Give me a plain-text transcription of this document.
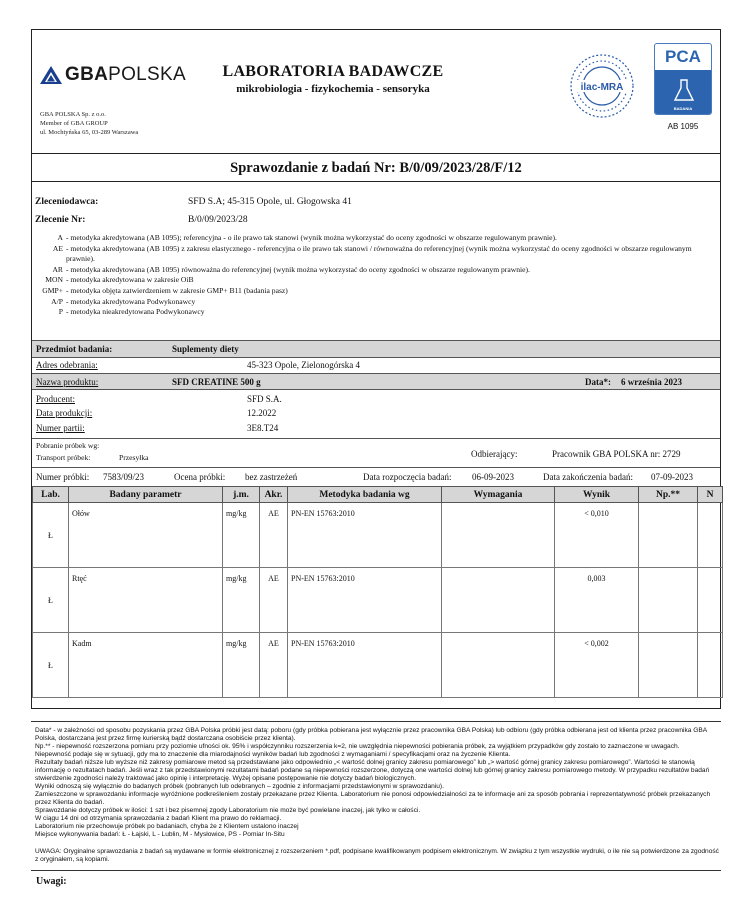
GBAPOLSKA
GBA POLSKA Sp. z o.o.
Member of GBA GROUP
ul. Mochtyńska 65, 03-289 Warszawa
LABORATORIA BADAWCZE
mikrobiologia - fizykochemia - sensoryka	ilac-MRA
PCA
BADANIA
AB 1095
Sprawozdanie z badań Nr: B/0/09/2023/28/F/12
Zleceniodawca:	SFD S.A; 45-315 Opole, ul. Głogowska 41
Zlecenie Nr:	B/0/09/2023/28
A - metodyka akredytowana (AB 1095); referencyjna - o ile prawo tak stanowi (wynik można wykorzystać do oceny zgodności w obszarze regulowanym prawnie).
AE - metodyka akredytowana (AB 1095) z zakresu elastycznego - referencyjna o ile prawo tak stanowi / równoważna do referencyjnej (wynik można wykorzystać do oceny zgodności w obszarze regulowanym prawnie).
AR - metodyka akredytowana (AB 1095) równoważna do referencyjnej (wynik można wykorzystać do oceny zgodności w obszarze regulowanym prawnie).
MON - metodyka akredytowana w zakresie OiB
GMP+ - metodyka objęta zatwierdzeniem w zakresie GMP+ B11 (badania pasz)
A/P - metodyka akredytowana Podwykonawcy
P - metodyka nieakredytowana Podwykonawcy
Przedmiot badania:	Suplementy diety
Adres odebrania:	45-323 Opole, Zielonogórska 4
Nazwa produktu:	SFD CREATINE 500 g	Data*: 6 września 2023
Producent:	SFD S.A.
Data produkcji:	12.2022
Numer partii:	3E8.T24
Pobranie próbek wg:
Transport próbek:	Przesyłka	Odbierający:	Pracownik GBA POLSKA nr: 2729
Numer próbki: 7583/09/23	Ocena próbki: bez zastrzeżeń	Data rozpoczęcia badań: 06-09-2023	Data zakończenia badań: 07-09-2023
Lab.	Badany parametr	j.m.	Akr.	Metodyka badania wg	Wymagania	Wynik	Np.**	N
Ł	Ołów	mg/kg	AE	PN-EN 15763:2010		< 0,010		
Ł	Rtęć	mg/kg	AE	PN-EN 15763:2010		0,003		
Ł	Kadm	mg/kg	AE	PN-EN 15763:2010		< 0,002		
Data* - w zależności od sposobu pozyskania przez GBA Polska próbki jest datą: poboru (gdy próbka pobierana jest wyłącznie przez pracownika GBA Polska) lub odbioru (gdy próbka odbierana jest od klienta przez pracownika GBA Polska, dostarczana jest przez firmę kurierską bądź dostarczana osobiście przez klienta).
Np.** - niepewność rozszerzona pomiaru przy poziomie ufności ok. 95% i współczynniku rozszerzenia k=2, nie uwzględnia niepewności pobierania próbek, za wyjątkiem przypadków gdy zostało to zaznaczone w uwagach.
Niepewność podaje się w sytuacji, gdy ma to znaczenie dla miarodajności wyników badań lub zgodności z wymaganiami / specyfikacjami oraz na życzenie Klienta.
Rezultaty badań niższe lub wyższe niż zakresy pomiarowe metod są przedstawiane jako odpowiednio „< wartość dolnej granicy zakresu pomiarowego” lub „> wartość górnej granicy zakresu pomiarowego”. Wartości te stanowią informację o rezultatach badań. Jeśli wraz z tak przedstawionymi rezultatami badań podane są niepewności rozszerzone, dotyczą one wartości dolnej lub górnej granicy zakresu pomiarowego metody. W przypadku rezultatów badań stwierdzenie zgodności należy traktować jako opinię i interpretację. Wyżej opisane postępowanie nie dotyczy badań biologicznych.
Wyniki odnoszą się wyłącznie do badanych próbek (pobranych lub odebranych – zgodnie z informacjami przedstawionymi w sprawozdaniu).
Zamieszczone w sprawozdaniu informacje wyróżnione podkreśleniem zostały przekazane przez Klienta. Laboratorium nie ponosi odpowiedzialności za te informacje ani za sposób pobrania i reprezentatywność próbek przekazanych przez Klienta do badań.
Sprawozdanie dotyczy próbek w ilości: 1 szt i bez pisemnej zgody Laboratorium nie może być powielane inaczej, jak tylko w całości.
W ciągu 14 dni od otrzymania sprawozdania z badań Klient ma prawo do reklamacji.
Laboratorium nie przechowuje próbek po badaniach, chyba że z Klientem ustalono inaczej
Miejsce wykonywania badań: Ł - Łajski, L - Lublin, M - Mysłowice, PS - Pomiar In-Situ
UWAGA: Oryginalne sprawozdania z badań są wydawane w formie elektronicznej z rozszerzeniem *.pdf, podpisane kwalifikowanym podpisem elektronicznym. W związku z tym wszystkie wydruki, o ile nie są potwierdzone za zgodność z oryginałem, są kopiami.
Uwagi:
